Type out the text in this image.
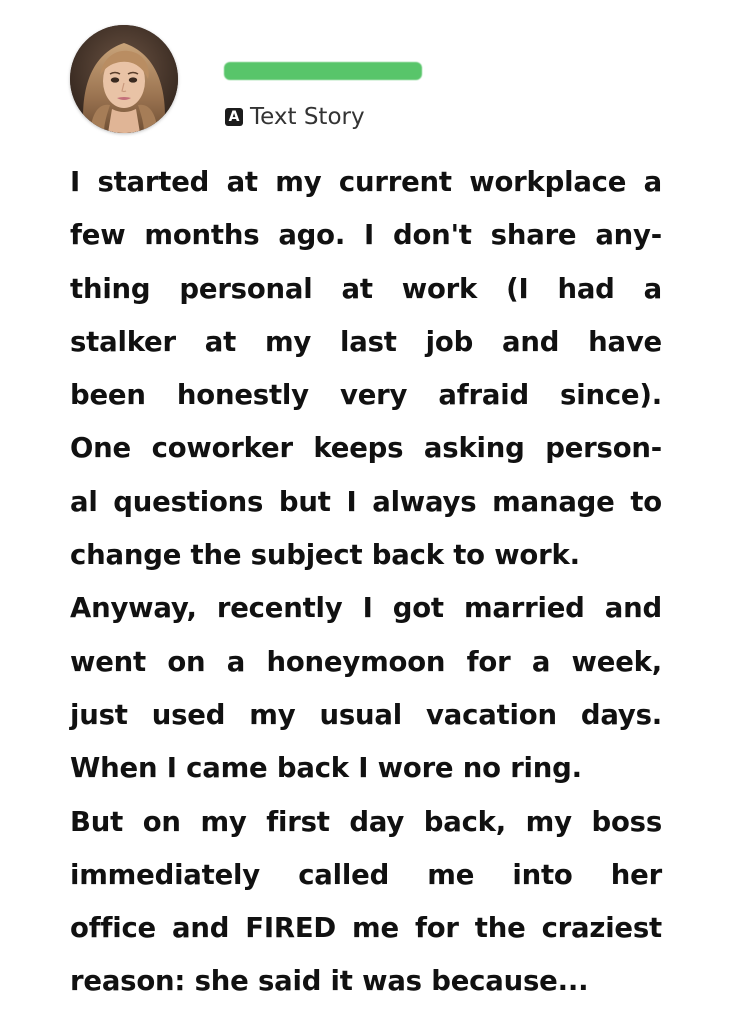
A Text Story
I started at my current workplace a
few months ago. I don't share any-
thing personal at work (I had a
stalker at my last job and have
been honestly very afraid since).
One coworker keeps asking person-
al questions but I always manage to
change the subject back to work.
Anyway, recently I got married and
went on a honeymoon for a week,
just used my usual vacation days.
When I came back I wore no ring.
But on my first day back, my boss
immediately called me into her
office and FIRED me for the craziest
reason: she said it was because...
